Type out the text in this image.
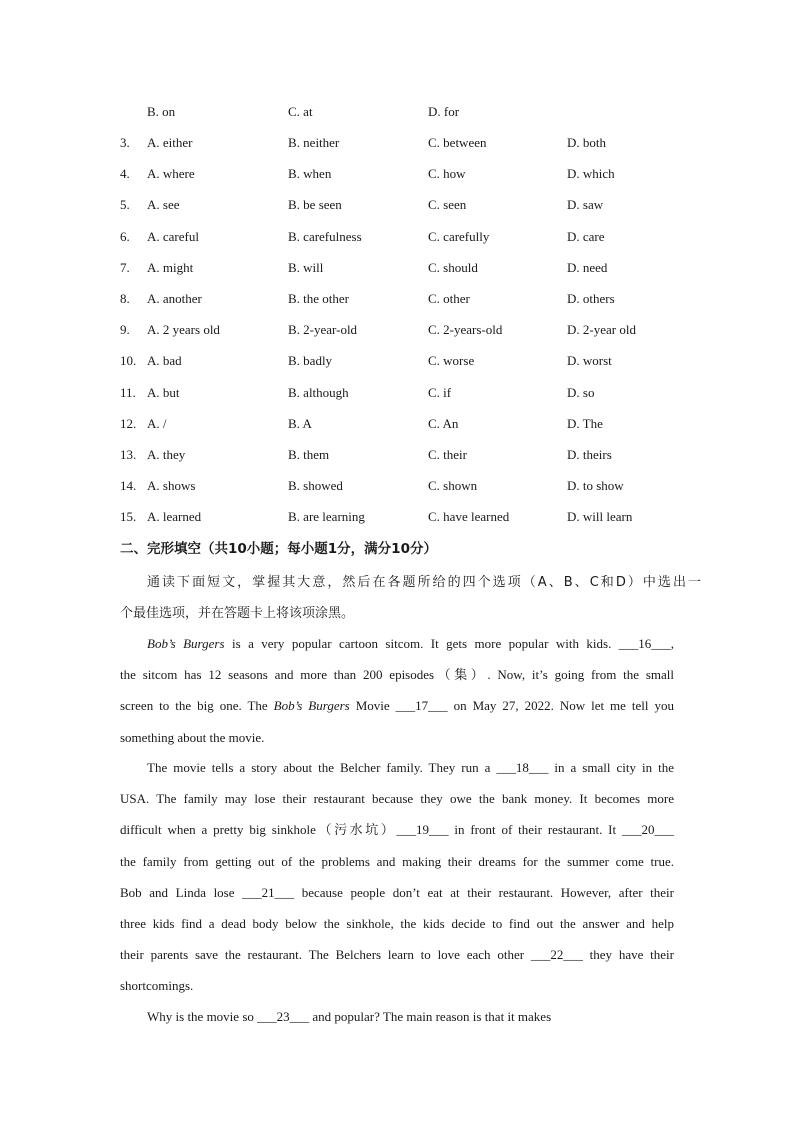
B. on	C. at	D. for
3. A. either	B. neither	C. between	D. both
4. A. where	B. when	C. how	D. which
5. A. see	B. be seen	C. seen	D. saw
6. A. careful	B. carefulness	C. carefully	D. care
7. A. might	B. will	C. should	D. need
8. A. another	B. the other	C. other	D. others
9. A. 2 years old	B. 2-year-old	C. 2-years-old	D. 2-year old
10. A. bad	B. badly	C. worse	D. worst
11. A. but	B. although	C. if	D. so
12. A. /	B. A	C. An	D. The
13. A. they	B. them	C. their	D. theirs
14. A. shows	B. showed	C. shown	D. to show
15. A. learned	B. are learning	C. have learned	D. will learn
二、完形填空（共10小题；每小题1分，满分10分）
通读下面短文，掌握其大意，然后在各题所给的四个选项（A、B、C和D）中选出一
个最佳选项，并在答题卡上将该项涂黑。
Bob’s Burgers is a very popular cartoon sitcom. It gets more popular with kids. ___16___,
the sitcom has 12 seasons and more than 200 episodes（集）. Now, it’s going from the small
screen to the big one. The Bob’s Burgers Movie ___17___ on May 27, 2022. Now let me tell you
something about the movie.
The movie tells a story about the Belcher family. They run a ___18___ in a small city in the
USA. The family may lose their restaurant because they owe the bank money. It becomes more
difficult when a pretty big sinkhole（污水坑）___19___ in front of their restaurant. It ___20___
the family from getting out of the problems and making their dreams for the summer come true.
Bob and Linda lose ___21___ because people don’t eat at their restaurant. However, after their
three kids find a dead body below the sinkhole, the kids decide to find out the answer and help
their parents save the restaurant. The Belchers learn to love each other ___22___ they have their
shortcomings.
Why is the movie so ___23___ and popular? The main reason is that it makes
